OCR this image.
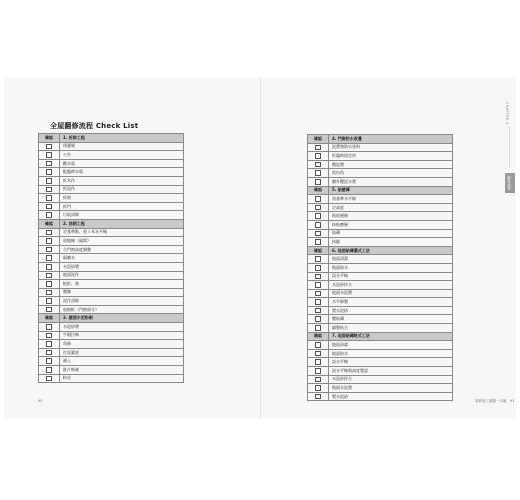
全屋翻修流程 Check List
確認	1. 拆除工程
	保護層
	公告
	斷水電
	配臨時水電
	拆木作
	拆泥作
	拆窗
	拆門
	垃圾清除
確認	2. 前期工程
	定基準點、放１米水平線
	放地線（隔間）
	合門窗高度調整
	隔牆水
	水泥砂漿
	地面泥作
	植釘、筋
	覆牆
	泥作清除
	放窗框（門窗部分）
確認	3. 壁面水泥粉刷
	水泥砂漿
	牛眼拉線
	角條
	打泥灌底
	補土
	批片修補
	粉光
確認	4. 門窗防水收邊
	泥漿墊防水塗料
	拆臨時固定材
	覆泥漿
	收內角
	牆外覆泥水漿
確認	5. 貼壁磚
	放基準水平線
	定高度
	貼收邊條
	抹貼磨層
	貼磚
	抹縫
確認	6. 地面貼磚濕式工法
	地面清潔
	地面防水
	設水平線
	水泥砂拌合
	地面水泥漿
	水平修整
	置水泥砂
	覆貼磚
	鋪整貼合
確認	7. 地面貼磚乾式工法
	地面清潔
	地面防水
	設水平線
	設水平線與高度製認
	水泥砂拌合
	地面水泥漿
	置水泥砂
90	裝修施工關鍵一本解　91
CHAPTER 4
翻修流程
